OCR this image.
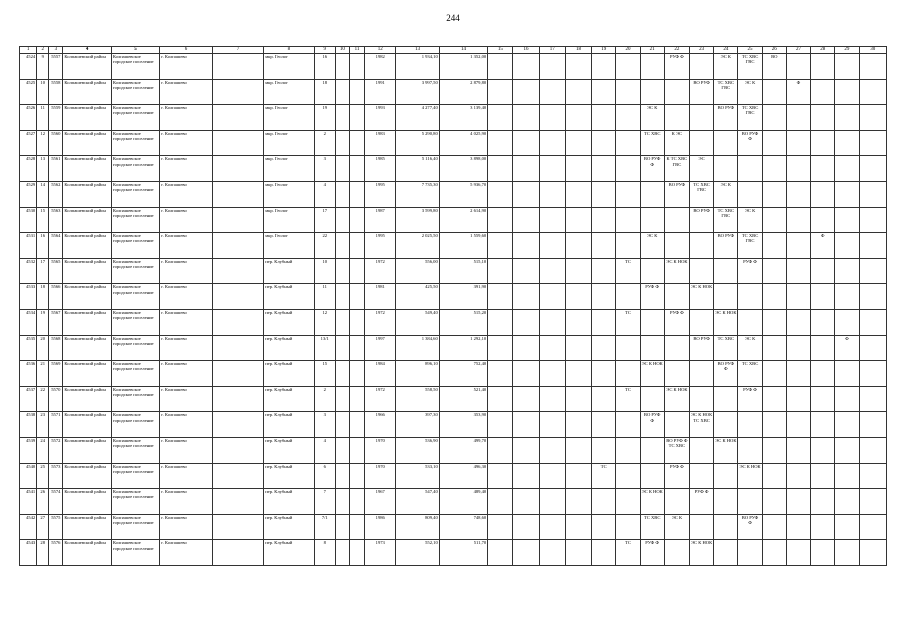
244
1	2	3	4	5	6	7	8	9	10	11	12	13	14	15	16	17	18	19	20	21	22	23	24	25	26	27	28	29	30
4524	9	5557	Колпашевский район	Колпашевское городское поселение	г. Колпашево		мкр. Геолог	16			1982	1 934,10	1 352,00								РУФ Ф		ЭС К	ТС ХВС ГВС	ВО				
4525	10	5558	Колпашевский район	Колпашевское городское поселение	г. Колпашево		мкр. Геолог	18			1991	3 997,50	2 879,80									ВО РУФ	ТС ХВС ГВС	ЭС К		Ф			
4526	11	5559	Колпашевский район	Колпашевское городское поселение	г. Колпашево		мкр. Геолог	19			1993	4 277,40	3 139,40							ЭС К			ВО РУФ	ТС ХВС ГВС					
4527	12	5560	Колпашевский район	Колпашевское городское поселение	г. Колпашево		мкр. Геолог	2			1983	5 290,80	4 025,90							ТС ХВС	К ЭС			ВО РУФ Ф					
4528	13	5561	Колпашевский район	Колпашевское городское поселение	г. Колпашево		мкр. Геолог	3			1985	5 116,40	3 898,00							ВО РУФ Ф	К ТС ХВС ГВС	ЭС							
4529	14	5562	Колпашевский район	Колпашевское городское поселение	г. Колпашево		мкр. Геолог	4			1995	7 735,30	5 936,70								ВО РУФ	ТС ХВС ГВС	ЭС К						
4530	15	5563	Колпашевский район	Колпашевское городское поселение	г. Колпашево		мкр. Геолог	17			1987	3 599,80	2 614,90									ВО РУФ	ТС ХВС ГВС	ЭС К					
4531	16	5564	Колпашевский район	Колпашевское городское поселение	г. Колпашево		мкр. Геолог	22			1995	2 025,50	1 559,60							ЭС К			ВО РУФ	ТС ХВС ГВС			Ф		
4532	17	5565	Колпашевский район	Колпашевское городское поселение	г. Колпашево		пер. Клубный	10			1972	556,00	515,10						ТС		ЭС К НОК			РУФ Ф					
4533	18	5566	Колпашевский район	Колпашевское городское поселение	г. Колпашево		пер. Клубный	11			1981	425,50	391,90							РУФ Ф		ЭС К НОК							
4534	19	5567	Колпашевский район	Колпашевское городское поселение	г. Колпашево		пер. Клубный	12			1972	549,40	515,20						ТС		РУФ Ф		ЭС К НОК						
4535	20	5568	Колпашевский район	Колпашевское городское поселение	г. Колпашево		пер. Клубный	13/1			1997	1 384,60	1 292,10									ВО РУФ	ТС ХВС	ЭС К				Ф	
4536	21	5569	Колпашевский район	Колпашевское городское поселение	г. Колпашево		пер. Клубный	15			1984	896,10	752,40							ЭС К НОК			ВО РУФ Ф	ТС ХВС					
4537	22	5570	Колпашевский район	Колпашевское городское поселение	г. Колпашево		пер. Клубный	2			1972	558,50	521,40						ТС		ЭС К НОК			РУФ Ф					
4538	23	5571	Колпашевский район	Колпашевское городское поселение	г. Колпашево		пер. Клубный	3			1966	397,30	353,90							ВО РУФ Ф		ЭС К НОК ТС ХВС							
4539	24	5572	Колпашевский район	Колпашевское городское поселение	г. Колпашево		пер. Клубный	4			1970	536,90	499,70								ВО РУФ Ф ТС ХВС		ЭС К НОК						
4540	25	5573	Колпашевский район	Колпашевское городское поселение	г. Колпашево		пер. Клубный	6			1970	533,10	496,30					ТС			РУФ Ф			ЭС К НОК					
4541	26	5574	Колпашевский район	Колпашевское городское поселение	г. Колпашево		пер. Клубный	7			1967	547,40	489,40							ЭС К НОК		РУФ Ф							
4542	27	5575	Колпашевский район	Колпашевское городское поселение	г. Колпашево		пер. Клубный	7/1			1986	809,40	748,60							ТС ХВС	ЭС К			ВО РУФ Ф					
4543	28	5576	Колпашевский район	Колпашевское городское поселение	г. Колпашево		пер. Клубный	8			1973	552,10	511,70						ТС	РУФ Ф		ЭС К НОК							
